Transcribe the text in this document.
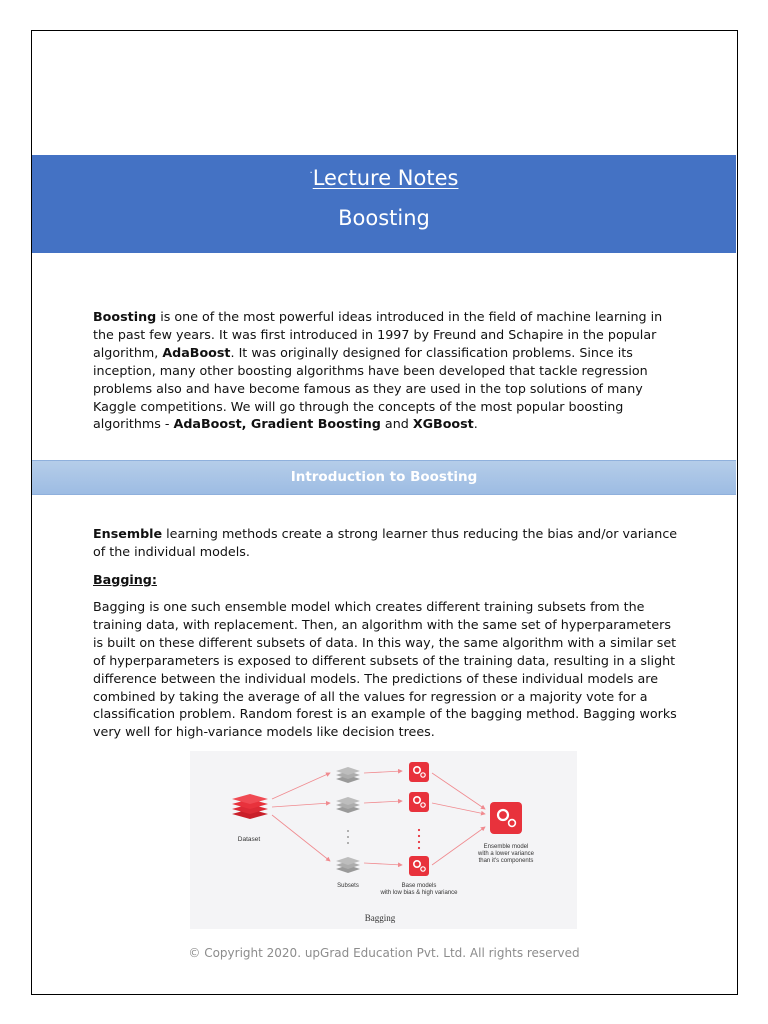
·Lecture Notes
Boosting
Boosting is one of the most powerful ideas introduced in the field of machine learning in the past few years. It was first introduced in 1997 by Freund and Schapire in the popular algorithm, AdaBoost. It was originally designed for classification problems. Since its inception, many other boosting algorithms have been developed that tackle regression problems also and have become famous as they are used in the top solutions of many Kaggle competitions. We will go through the concepts of the most popular boosting algorithms - AdaBoost, Gradient Boosting and XGBoost.
Introduction to Boosting
Ensemble learning methods create a strong learner thus reducing the bias and/or variance of the individual models.
Bagging:
Bagging is one such ensemble model which creates different training subsets from the training data, with replacement. Then, an algorithm with the same set of hyperparameters is built on these different subsets of data. In this way, the same algorithm with a similar set of hyperparameters is exposed to different subsets of the training data, resulting in a slight difference between the individual models. The predictions of these individual models are combined by taking the average of all the values for regression or a majority vote for a classification problem. Random forest is an example of the bagging method. Bagging works very well for high-variance models like decision trees.
Dataset
Subsets	Base models
with low bias & high variance
Ensemble model
with a lower variance
than it's components
Bagging
© Copyright 2020. upGrad Education Pvt. Ltd. All rights reserved
